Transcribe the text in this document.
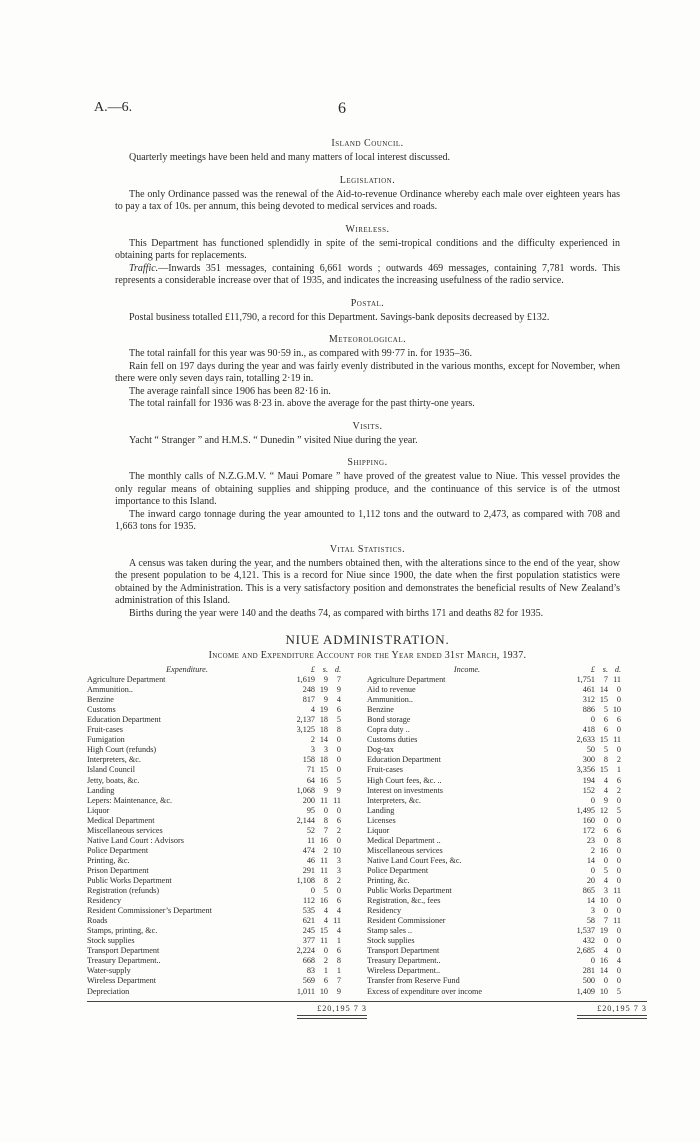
A.—6.	6
Island Council.

Quarterly meetings have been held and many matters of local interest discussed.

Legislation.

The only Ordinance passed was the renewal of the Aid-to-revenue Ordinance whereby each male over eighteen years has to pay a tax of 10s. per annum, this being devoted to medical services and roads.

Wireless.

This Department has functioned splendidly in spite of the semi-tropical conditions and the difficulty experienced in obtaining parts for replacements.

Traffic.—Inwards 351 messages, containing 6,661 words ; outwards 469 messages, containing 7,781 words. This represents a considerable increase over that of 1935, and indicates the increasing usefulness of the radio service.

Postal.

Postal business totalled £11,790, a record for this Department. Savings-bank deposits decreased by £132.

Meteorological.

The total rainfall for this year was 90·59 in., as compared with 99·77 in. for 1935–36.

Rain fell on 197 days during the year and was fairly evenly distributed in the various months, except for November, when there were only seven days rain, totalling 2·19 in.

The average rainfall since 1906 has been 82·16 in.

The total rainfall for 1936 was 8·23 in. above the average for the past thirty-one years.

Visits.

Yacht “ Stranger ” and H.M.S. “ Dunedin ” visited Niue during the year.

Shipping.

The monthly calls of N.Z.G.M.V. “ Maui Pomare ” have proved of the greatest value to Niue. This vessel provides the only regular means of obtaining supplies and shipping produce, and the continuance of this service is of the utmost importance to this Island.

The inward cargo tonnage during the year amounted to 1,112 tons and the outward to 2,473, as compared with 708 and 1,663 tons for 1935.

Vital Statistics.

A census was taken during the year, and the numbers obtained then, with the alterations since to the end of the year, show the present population to be 4,121. This is a record for Niue since 1900, the date when the first population statistics were obtained by the Administration. This is a very satisfactory position and demonstrates the beneficial results of New Zealand’s administration of this Island.

Births during the year were 140 and the deaths 74, as compared with births 171 and deaths 82 for 1935.

NIUE ADMINISTRATION.
Income and Expenditure Account for the Year ended 31st March, 1937.
Expenditure.	£ s. d.
Agriculture Department	1,619	9	7
Ammunition..	248 19	9
Benzine	817	9	4
Customs	4 19	6
Education Department	2,137 18	5
Fruit-cases	3,125 18	8
Fumigation	2 14	0
High Court (refunds)	3	3	0
Interpreters, &c.	158 18	0
Island Council	71 15	0
Jetty, boats, &c.	64 16	5
Landing	1,068	9	9
Lepers: Maintenance, &c.	200 11 11
Liquor	95	0	0
Medical Department	2,144	8	6
Miscellaneous services	52	7	2
Native Land Court : Advisors	11 16	0
Police Department	474	2 10
Printing, &c.	46 11	3
Prison Department	291 11	3
Public Works Department	1,108	8	2
Registration (refunds)	0	5	0
Residency	112 16	6
Resident Commissioner’s Department	535	4	4
Roads	621	4 11
Stamps, printing, &c.	245 15	4
Stock supplies	377 11	1
Transport Department	2,224	0	6
Treasury Department..	668	2	8
Water-supply	83	1	1
Wireless Department	569	6	7
Depreciation	1,011 10	9
£20,195 7 3
Income.	£ s. d.
Agriculture Department	1,751	7 11
Aid to revenue	461 14	0
Ammunition..	312 15	0
Benzine	886	5 10
Bond storage	0	6	6
Copra duty ..	418	6	0
Customs duties	2,633 15 11
Dog-tax	50	5	0
Education Department	300	8	2
Fruit-cases	3,356 15	1
High Court fees, &c. ..	194	4	6
Interest on investments	152	4	2
Interpreters, &c.	0	9	0
Landing	1,495 12	5
Licenses	160	0	0
Liquor	172	6	6
Medical Department ..	23	0	8
Miscellaneous services	2 16	0
Native Land Court Fees, &c.	14	0	0
Police Department	0	5	0
Printing, &c.	20	4	0
Public Works Department	865	3 11
Registration, &c., fees	14 10	0
Residency	3	0	0
Resident Commissioner	58	7 11
Stamp sales ..	1,537 19	0
Stock supplies	432	0	0
Transport Department	2,685	4	0
Treasury Department..	0 16	4
Wireless Department..	281 14	0
Transfer from Reserve Fund	500	0	0
Excess of expenditure over income	1,409 10	5
£20,195 7 3
